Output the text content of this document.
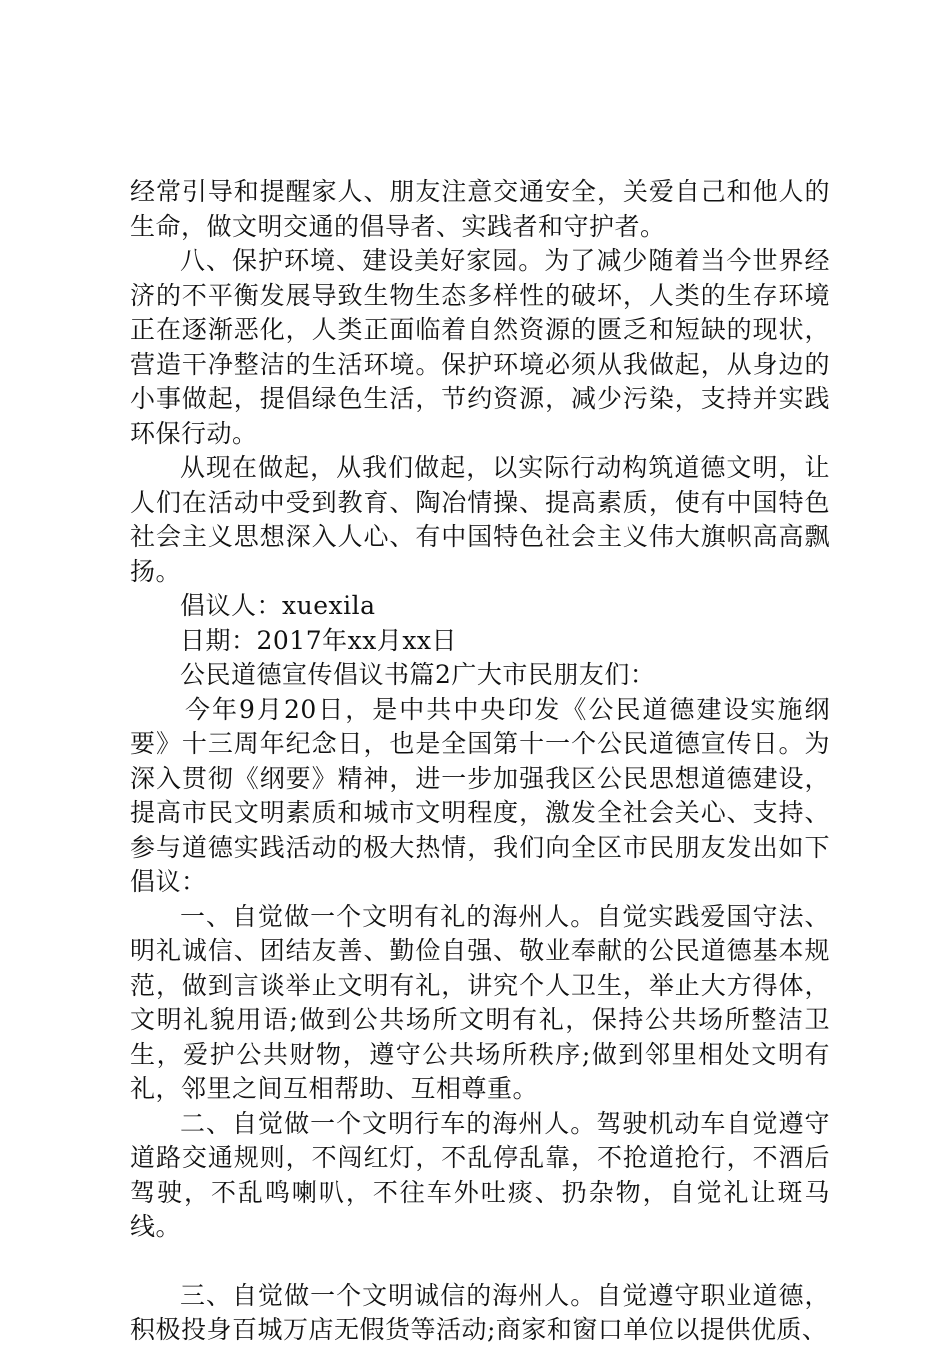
经常引导和提醒家人、朋友注意交通安全，关爱自己和他人的生命，做文明交通的倡导者、实践者和守护者。

八、保护环境、建设美好家园。为了减少随着当今世界经济的不平衡发展导致生物生态多样性的破坏，人类的生存环境正在逐渐恶化，人类正面临着自然资源的匮乏和短缺的现状，营造干净整洁的生活环境。保护环境必须从我做起，从身边的小事做起，提倡绿色生活，节约资源，减少污染，支持并实践环保行动。

从现在做起，从我们做起，以实际行动构筑道德文明，让人们在活动中受到教育、陶冶情操、提高素质，使有中国特色社会主义思想深入人心、有中国特色社会主义伟大旗帜高高飘扬。

倡议人：xuexila

日期：2017年xx月xx日

公民道德宣传倡议书篇2广大市民朋友们：

今年9月20日，是中共中央印发《公民道德建设实施纲要》十三周年纪念日，也是全国第十一个公民道德宣传日。为深入贯彻《纲要》精神，进一步加强我区公民思想道德建设，提高市民文明素质和城市文明程度，激发全社会关心、支持、参与道德实践活动的极大热情，我们向全区市民朋友发出如下倡议：

一、自觉做一个文明有礼的海州人。自觉实践爱国守法、明礼诚信、团结友善、勤俭自强、敬业奉献的公民道德基本规范，做到言谈举止文明有礼，讲究个人卫生，举止大方得体，文明礼貌用语;做到公共场所文明有礼，保持公共场所整洁卫生，爱护公共财物，遵守公共场所秩序;做到邻里相处文明有礼，邻里之间互相帮助、互相尊重。

二、自觉做一个文明行车的海州人。驾驶机动车自觉遵守道路交通规则，不闯红灯，不乱停乱靠，不抢道抢行，不酒后驾驶，不乱鸣喇叭，不往车外吐痰、扔杂物，自觉礼让斑马线。

三、自觉做一个文明诚信的海州人。自觉遵守职业道德，积极投身百城万店无假货等活动;商家和窗口单位以提供优质、
